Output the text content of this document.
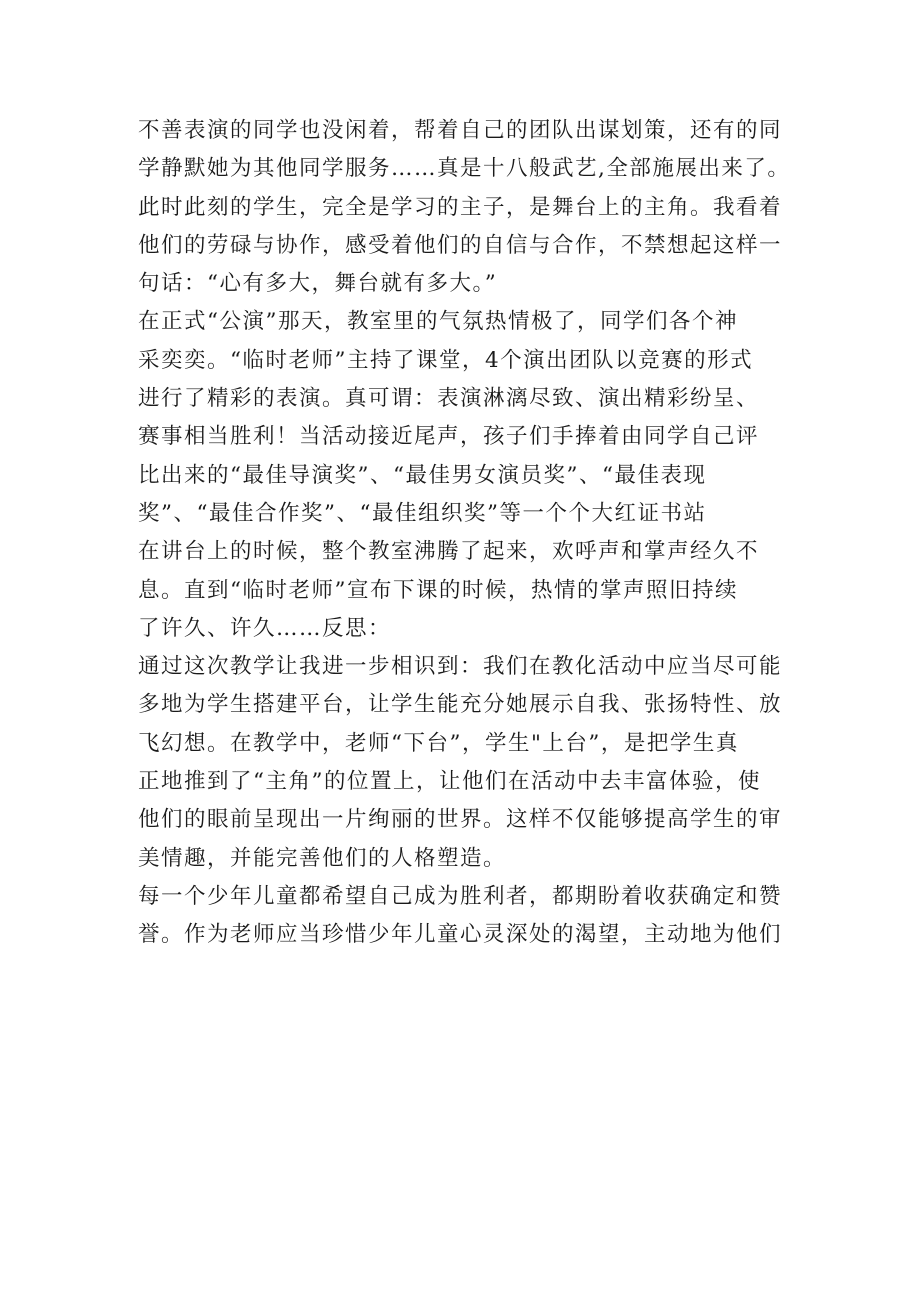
不善表演的同学也没闲着，帮着自己的团队出谋划策，还有的同
学静默她为其他同学服务……真是十八般武艺,全部施展出来了。
此时此刻的学生，完全是学习的主子，是舞台上的主角。我看着
他们的劳碌与协作，感受着他们的自信与合作，不禁想起这样一
句话：“心有多大，舞台就有多大。”
在正式“公演”那天，教室里的气氛热情极了，同学们各个神
采奕奕。“临时老师”主持了课堂，4个演出团队以竞赛的形式
进行了精彩的表演。真可谓：表演淋漓尽致、演出精彩纷呈、
赛事相当胜利！当活动接近尾声，孩子们手捧着由同学自己评
比出来的“最佳导演奖”、“最佳男女演员奖”、“最佳表现
奖”、“最佳合作奖”、“最佳组织奖”等一个个大红证书站
在讲台上的时候，整个教室沸腾了起来，欢呼声和掌声经久不
息。直到“临时老师”宣布下课的时候，热情的掌声照旧持续
了许久、许久……反思：
通过这次教学让我进一步相识到：我们在教化活动中应当尽可能
多地为学生搭建平台，让学生能充分她展示自我、张扬特性、放
飞幻想。在教学中，老师“下台”，学生"上台”，是把学生真
正地推到了“主角”的位置上，让他们在活动中去丰富体验，使
他们的眼前呈现出一片绚丽的世界。这样不仅能够提高学生的审
美情趣，并能完善他们的人格塑造。
每一个少年儿童都希望自己成为胜利者，都期盼着收获确定和赞
誉。作为老师应当珍惜少年儿童心灵深处的渴望，主动地为他们
